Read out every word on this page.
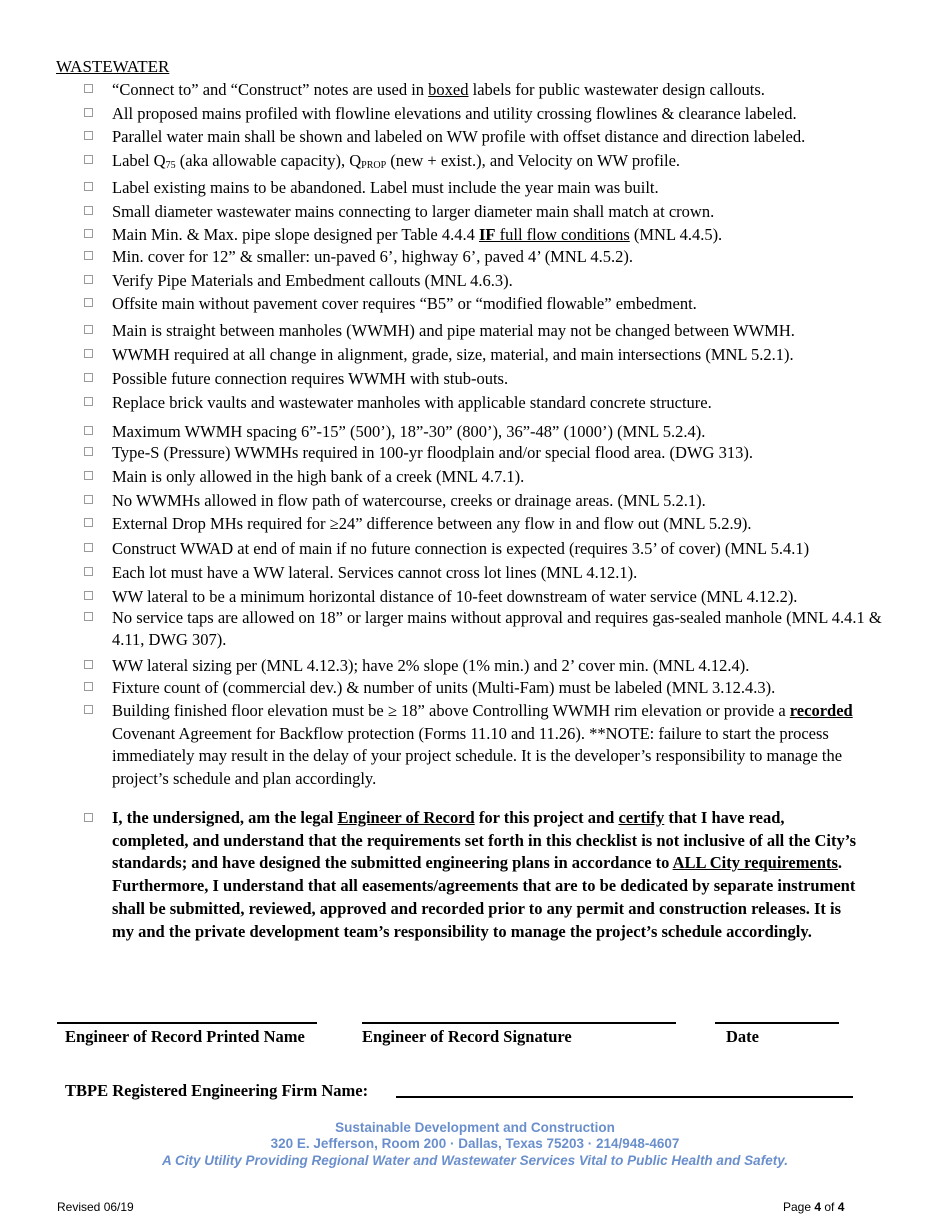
WASTEWATER
“Connect to” and “Construct” notes are used in boxed labels for public wastewater design callouts.
All proposed mains profiled with flowline elevations and utility crossing flowlines & clearance labeled.
Parallel water main shall be shown and labeled on WW profile with offset distance and direction labeled.
Label $Q_{75}$ (aka allowable capacity), $Q_{PROP}$ (new + exist.), and Velocity on WW profile.
Label existing mains to be abandoned. Label must include the year main was built.
Small diameter wastewater mains connecting to larger diameter main shall match at crown.
Main Min. & Max. pipe slope designed per Table 4.4.4 IF full flow conditions (MNL 4.4.5).
Min. cover for 12” & smaller: un-paved 6’, highway 6’, paved 4’ (MNL 4.5.2).
Verify Pipe Materials and Embedment callouts (MNL 4.6.3).
Offsite main without pavement cover requires “B5” or “modified flowable” embedment.
Main is straight between manholes (WWMH) and pipe material may not be changed between WWMH.
WWMH required at all change in alignment, grade, size, material, and main intersections (MNL 5.2.1).
Possible future connection requires WWMH with stub-outs.
Replace brick vaults and wastewater manholes with applicable standard concrete structure.
Maximum WWMH spacing 6”-15” (500’), 18”-30” (800’), 36”-48” (1000’) (MNL 5.2.4).
Type-S (Pressure) WWMHs required in 100-yr floodplain and/or special flood area. (DWG 313).
Main is only allowed in the high bank of a creek (MNL 4.7.1).
No WWMHs allowed in flow path of watercourse, creeks or drainage areas. (MNL 5.2.1).
External Drop MHs required for ≥24” difference between any flow in and flow out (MNL 5.2.9).
Construct WWAD at end of main if no future connection is expected (requires 3.5’ of cover) (MNL 5.4.1)
Each lot must have a WW lateral. Services cannot cross lot lines (MNL 4.12.1).
WW lateral to be a minimum horizontal distance of 10-feet downstream of water service (MNL 4.12.2).
No service taps are allowed on 18” or larger mains without approval and requires gas-sealed manhole (MNL 4.4.1 & 4.11, DWG 307).
WW lateral sizing per (MNL 4.12.3); have 2% slope (1% min.) and 2’ cover min. (MNL 4.12.4).
Fixture count of (commercial dev.) & number of units (Multi-Fam) must be labeled (MNL 3.12.4.3).
Building finished floor elevation must be ≥ 18” above Controlling WWMH rim elevation or provide a recorded Covenant Agreement for Backflow protection (Forms 11.10 and 11.26). **NOTE: failure to start the process immediately may result in the delay of your project schedule. It is the developer’s responsibility to manage the project’s schedule and plan accordingly.
I, the undersigned, am the legal Engineer of Record for this project and certify that I have read, completed, and understand that the requirements set forth in this checklist is not inclusive of all the City’s standards; and have designed the submitted engineering plans in accordance to ALL City requirements. Furthermore, I understand that all easements/agreements that are to be dedicated by separate instrument shall be submitted, reviewed, approved and recorded prior to any permit and construction releases. It is my and the private development team’s responsibility to manage the project’s schedule accordingly.
Engineer of Record Printed Name	Engineer of Record Signature	Date
TBPE Registered Engineering Firm Name:
Sustainable Development and Construction
320 E. Jefferson, Room 200 · Dallas, Texas 75203 · 214/948-4607
A City Utility Providing Regional Water and Wastewater Services Vital to Public Health and Safety.
Revised 06/19	Page 4 of 4
